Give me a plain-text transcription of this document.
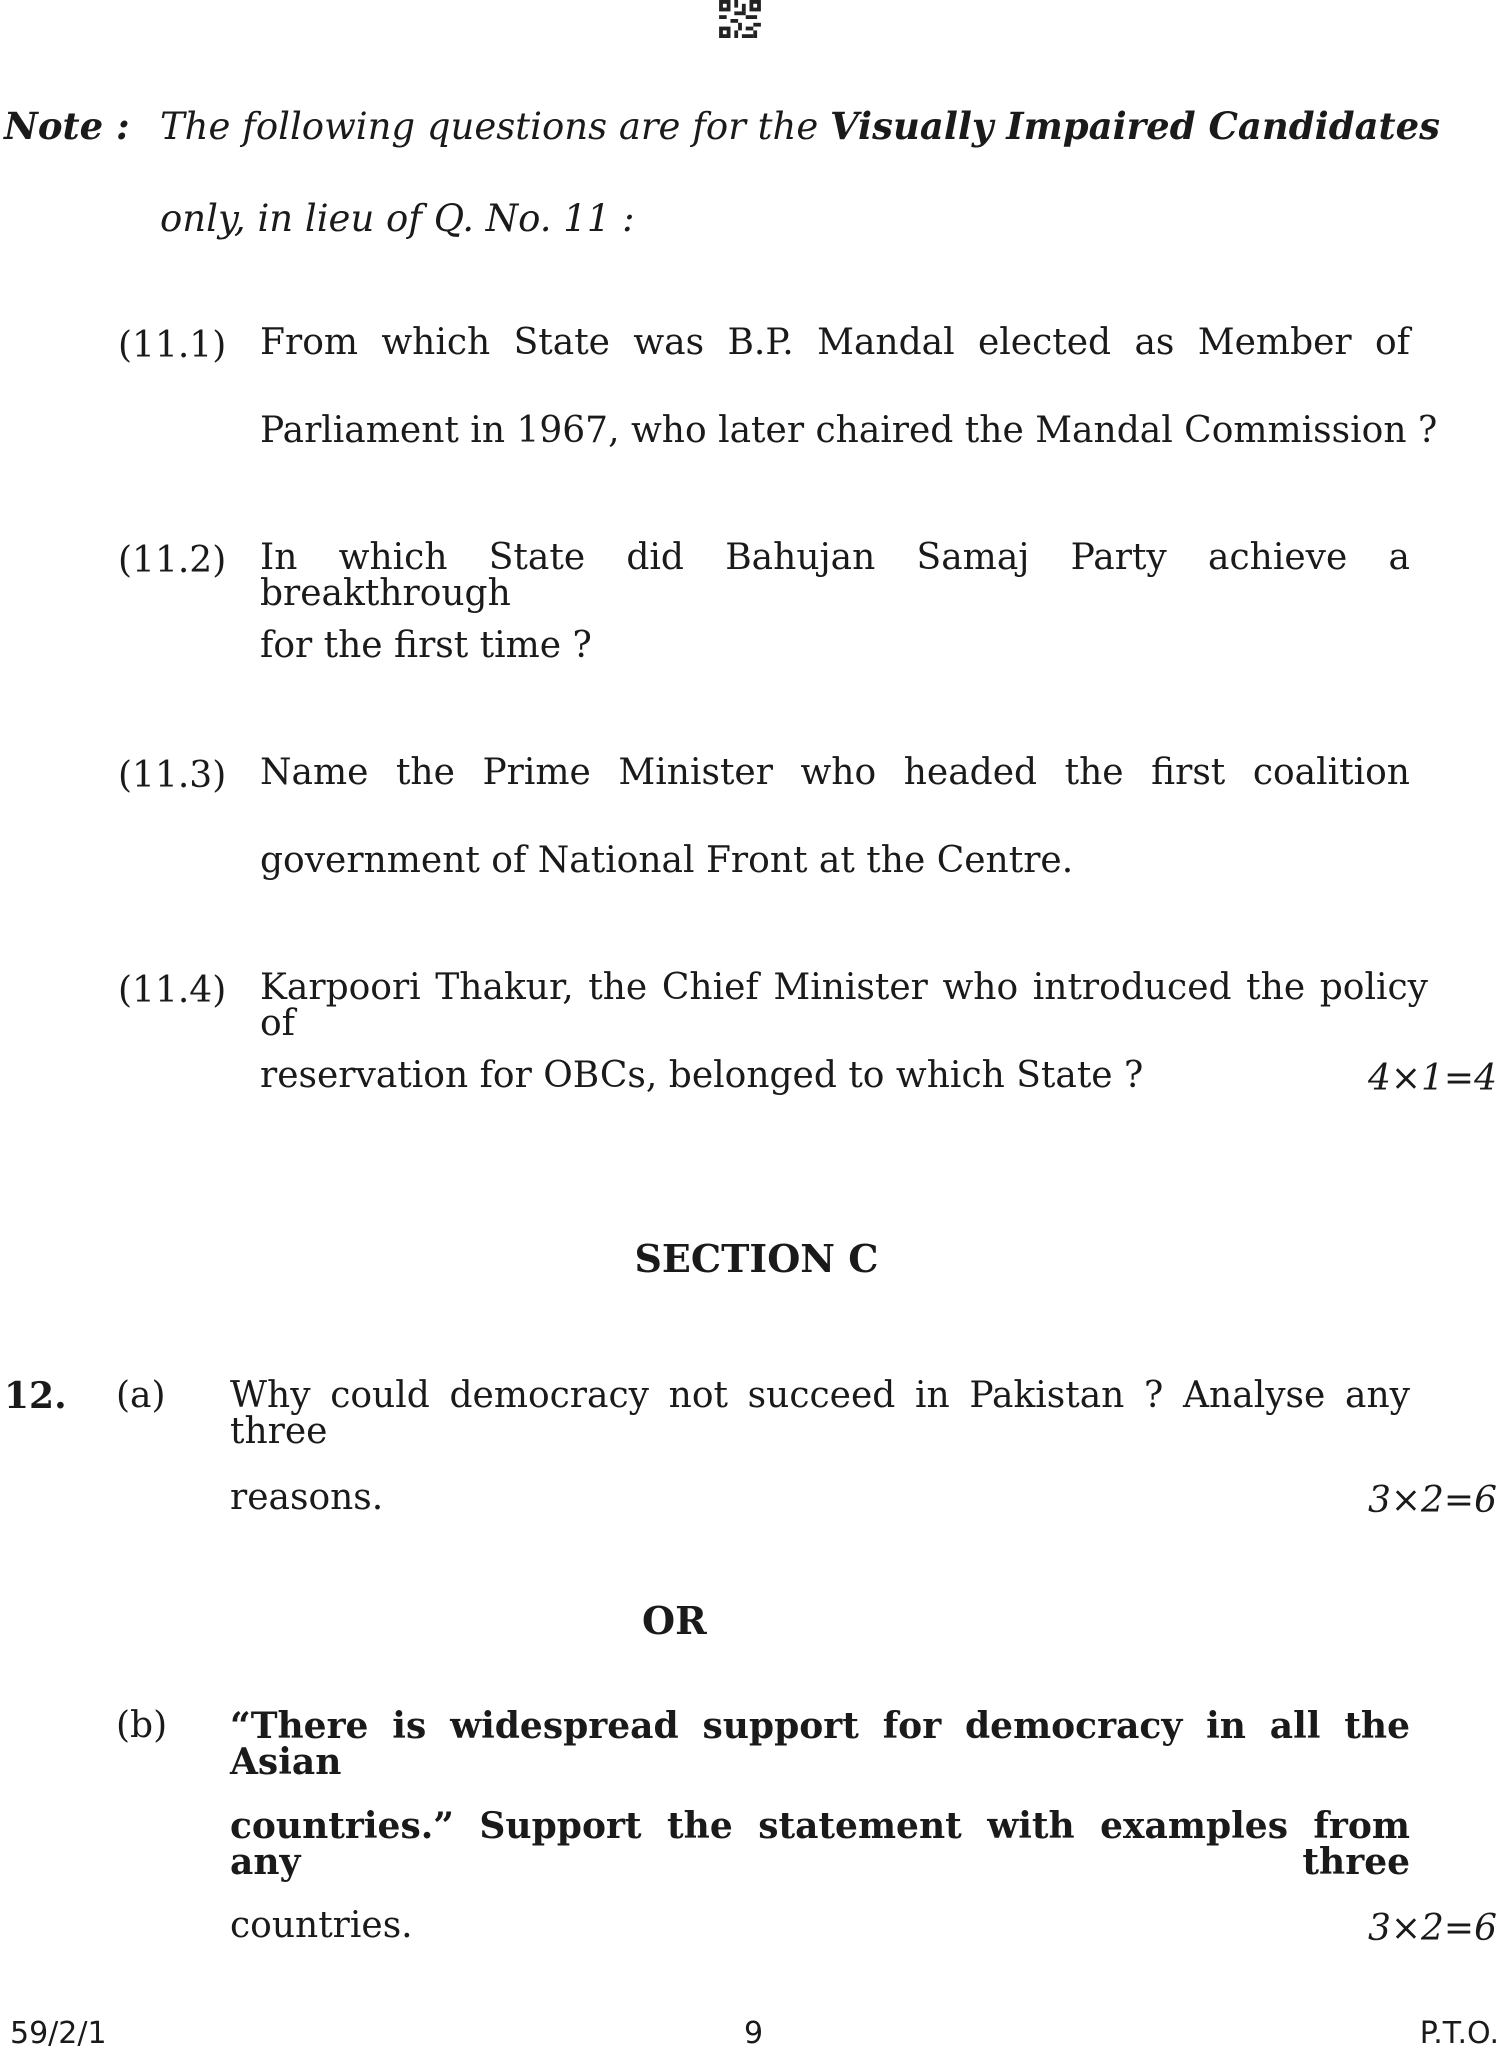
Note : The following questions are for the Visually Impaired Candidates
only, in lieu of Q. No. 11 :
(11.1) From which State was B.P. Mandal elected as Member of
Parliament in 1967, who later chaired the Mandal Commission ?
(11.2) In which State did Bahujan Samaj Party achieve a breakthrough
for the first time ?
(11.3) Name the Prime Minister who headed the first coalition
government of National Front at the Centre.
(11.4) Karpoori Thakur, the Chief Minister who introduced the policy of
reservation for OBCs, belonged to which State ?	4×1=4
SECTION C
12. (a) Why could democracy not succeed in Pakistan ? Analyse any three
reasons.	3×2=6
OR
(b) “There is widespread support for democracy in all the Asian
countries.” Support the statement with examples from any three
countries.	3×2=6
59/2/1	9	P.T.O.
